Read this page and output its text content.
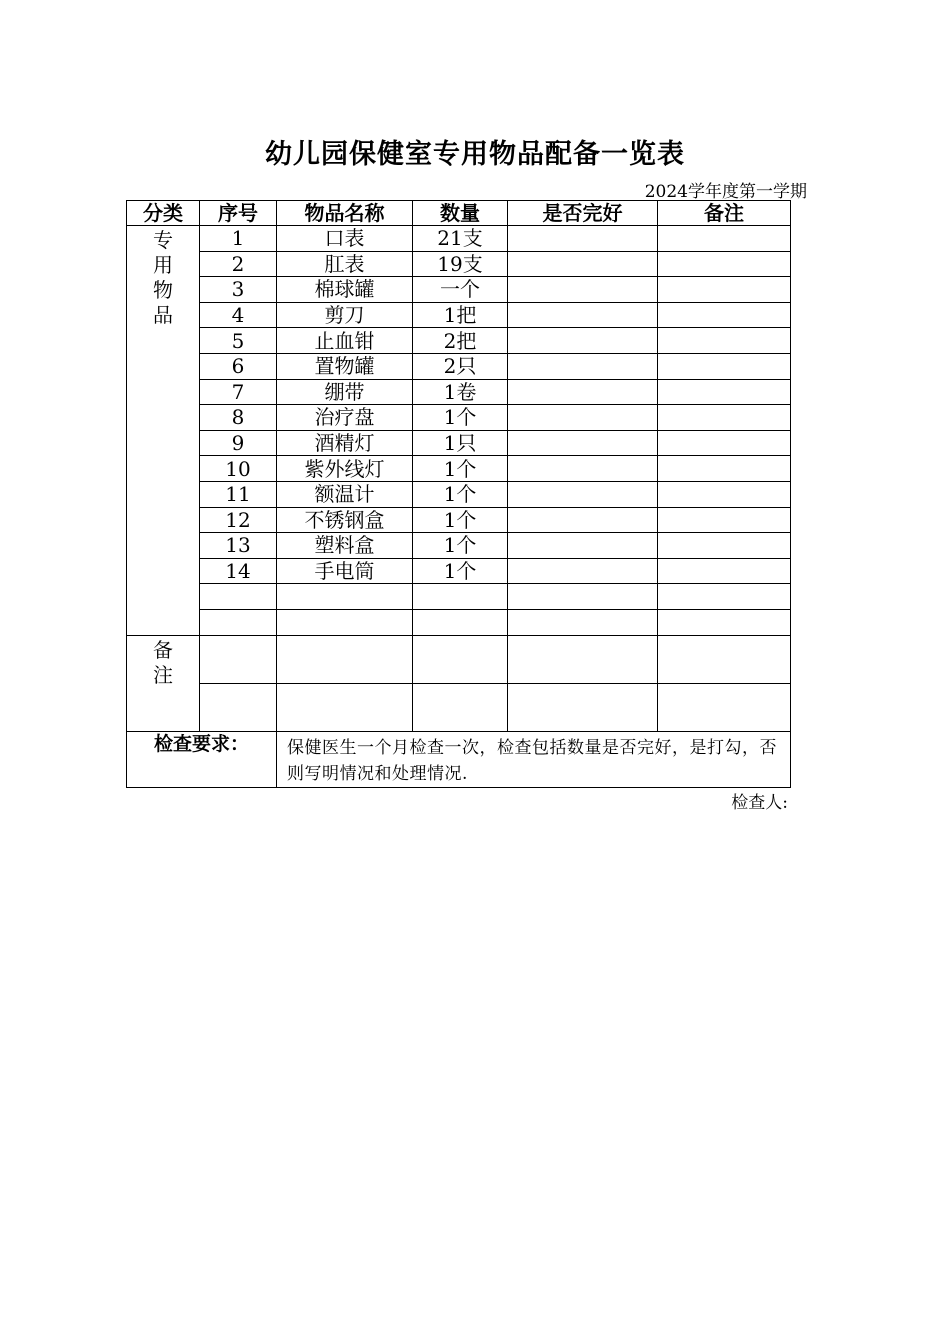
幼儿园保健室专用物品配备一览表
2024学年度第一学期
分类	序号	物品名称	数量	是否完好	备注

专
用
物
品	1	口表	21支		
	2	肛表	19支		
	3	棉球罐	一个		
	4	剪刀	1把		
	5	止血钳	2把		
	6	置物罐	2只		
	7	绷带	1卷		
	8	治疗盘	1个		
	9	酒精灯	1只		
	10	紫外线灯	1个		
	11	额温计	1个		
	12	不锈钢盒	1个		
	13	塑料盒	1个		
	14	手电筒	1个		

备
注					

检查要求：		保健医生一个月检查一次，检查包括数量是否完好，是打勾，否则写明情况和处理情况.			
检查人:
